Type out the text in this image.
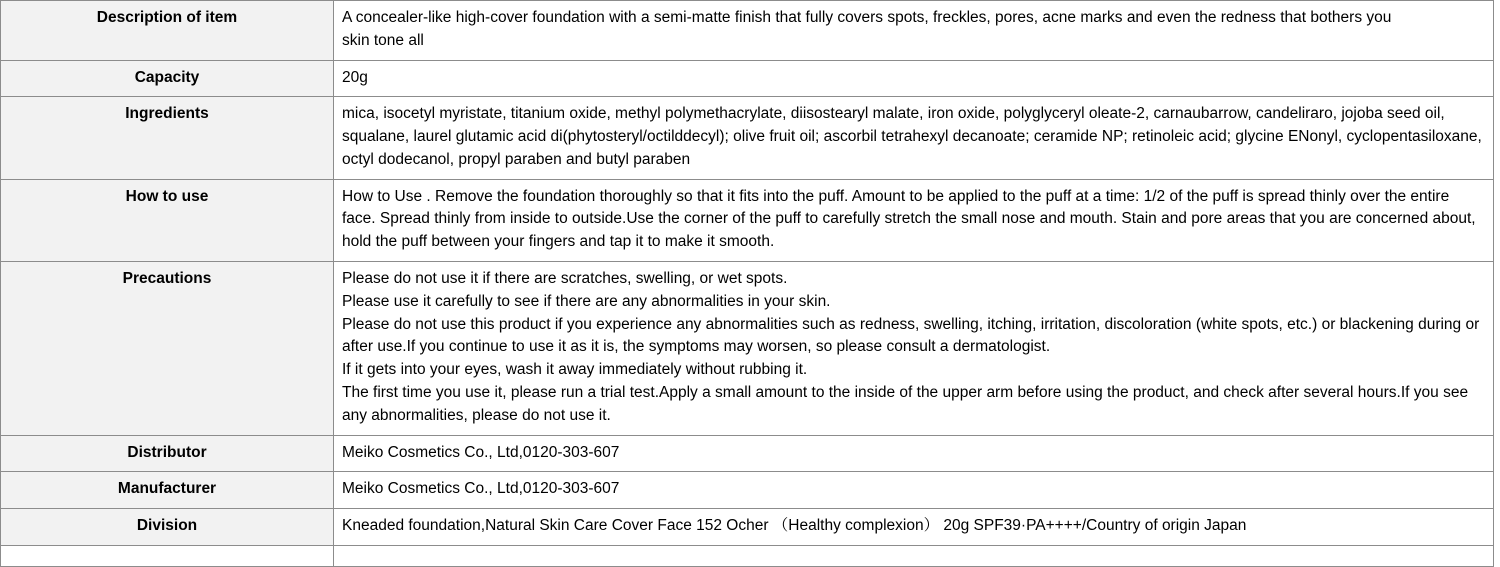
Description of item	A concealer-like high-cover foundation with a semi-matte finish that fully covers spots, freckles, pores, acne marks and even the redness that bothers you

skin tone all

Capacity	20g

Ingredients	mica, isocetyl myristate, titanium oxide, methyl polymethacrylate, diisostearyl malate, iron oxide, polyglyceryl oleate-2, carnaubarrow, candeliraro, jojoba seed oil, squalane, laurel glutamic acid di(phytosteryl/octilddecyl); olive fruit oil; ascorbil tetrahexyl decanoate; ceramide NP; retinoleic acid; glycine ENonyl, cyclopentasiloxane, octyl dodecanol, propyl paraben and butyl paraben

How to use	How to Use . Remove the foundation thoroughly so that it fits into the puff. Amount to be applied to the puff at a time: 1/2 of the puff is spread thinly over the entire face. Spread thinly from inside to outside.Use the corner of the puff to carefully stretch the small nose and mouth. Stain and pore areas that you are concerned about, hold the puff between your fingers and tap it to make it smooth.

Precautions	Please do not use it if there are scratches, swelling, or wet spots.

Please use it carefully to see if there are any abnormalities in your skin.

Please do not use this product if you experience any abnormalities such as redness, swelling, itching, irritation, discoloration (white spots, etc.) or blackening during or after use.If you continue to use it as it is, the symptoms may worsen, so please consult a dermatologist.

If it gets into your eyes, wash it away immediately without rubbing it.

The first time you use it, please run a trial test.Apply a small amount to the inside of the upper arm before using the product, and check after several hours.If you see any abnormalities, please do not use it.

Distributor	Meiko Cosmetics Co., Ltd,0120-303-607

Manufacturer	Meiko Cosmetics Co., Ltd,0120-303-607

Division	Kneaded foundation,Natural Skin Care Cover Face 152 Ocher （Healthy complexion） 20g SPF39·PA++++/Country of origin Japan
